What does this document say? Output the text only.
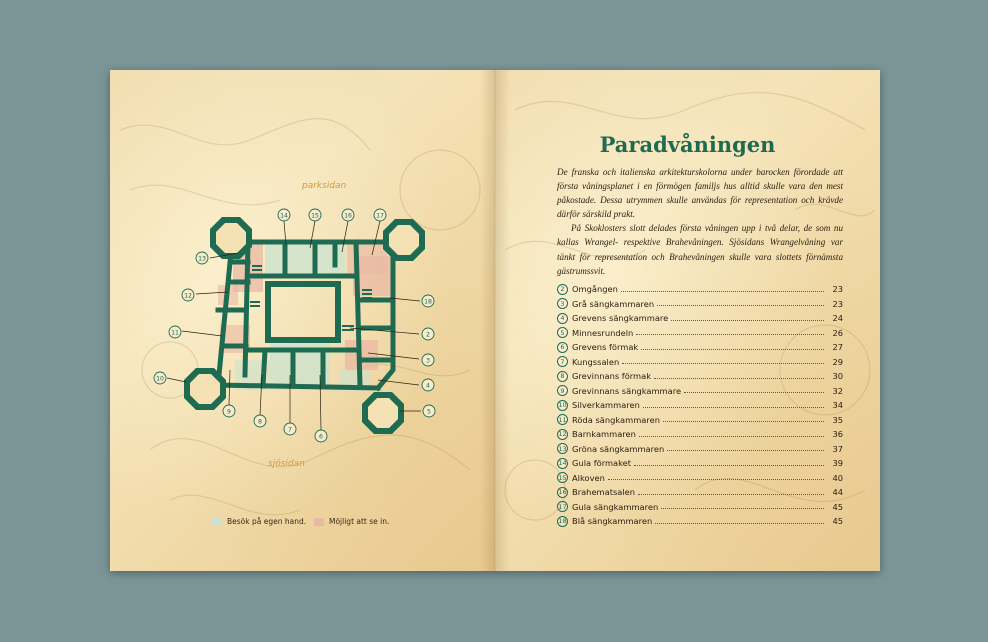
parksidan
sjösidan
14	15	16	17
13
12
11
10
18
2
3
4
5
6
7
8
9
Besök på egen hand.	Möjligt att se in.
Paradvåningen

De franska och italienska arkitekturskolorna under barocken förordade att första våningsplanet i en förmögen familjs hus alltid skulle vara den mest påkostade. Dessa utrymmen skulle användas för representation och krävde därför särskild prakt.

På Skoklosters slott delades första våningen upp i två delar, de som nu kallas Wrangel- respektive Brahevåningen. Sjösidans Wrangelvåning var tänkt för representation och Brahevåningen skulle vara slottets förnämsta gästrumssvit.

2 Omgången	23
3 Grå sängkammaren	23
4 Grevens sängkammare	24
5 Minnesrundeln	26
6 Grevens förmak	27
7 Kungssalen	29
8 Grevinnans förmak	30
9 Grevinnans sängkammare	32
10 Silverkammaren	34
11 Röda sängkammaren	35
12 Barnkammaren	36
13 Gröna sängkammaren	37
14 Gula förmaket	39
15 Alkoven	40
16 Brahematsalen	44
17 Gula sängkammaren	45
18 Blå sängkammaren	45
